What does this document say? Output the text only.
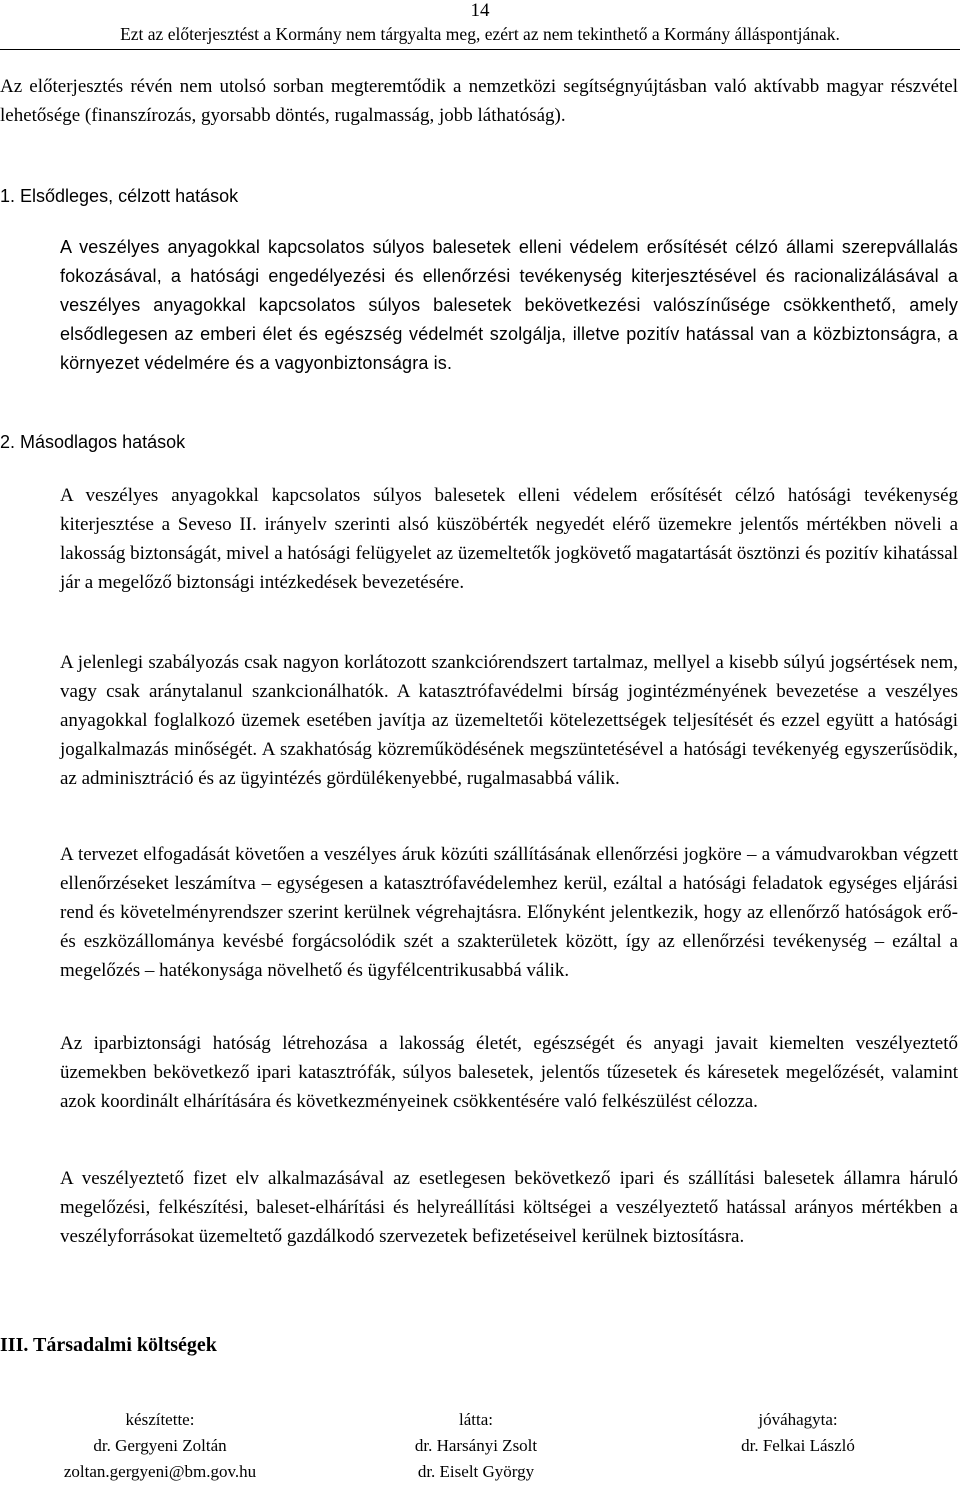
14
Ezt az előterjesztést a Kormány nem tárgyalta meg, ezért az nem tekinthető a Kormány álláspontjának.

Az előterjesztés révén nem utolsó sorban megteremtődik a nemzetközi segítségnyújtásban való aktívabb magyar részvétel lehetősége (finanszírozás, gyorsabb döntés, rugalmasság, jobb láthatóság).

1. Elsődleges, célzott hatások

A veszélyes anyagokkal kapcsolatos súlyos balesetek elleni védelem erősítését célzó állami szerepvállalás fokozásával, a hatósági engedélyezési és ellenőrzési tevékenység kiterjesztésével és racionalizálásával a veszélyes anyagokkal kapcsolatos súlyos balesetek bekövetkezési valószínűsége csökkenthető, amely elsődlegesen az emberi élet és egészség védelmét szolgálja, illetve pozitív hatással van a közbiztonságra, a környezet védelmére és a vagyonbiztonságra is.

2. Másodlagos hatások

A veszélyes anyagokkal kapcsolatos súlyos balesetek elleni védelem erősítését célzó hatósági tevékenység kiterjesztése a Seveso II. irányelv szerinti alsó küszöbérték negyedét elérő üzemekre jelentős mértékben növeli a lakosság biztonságát, mivel a hatósági felügyelet az üzemeltetők jogkövető magatartását ösztönzi és pozitív kihatással jár a megelőző biztonsági intézkedések bevezetésére.

A jelenlegi szabályozás csak nagyon korlátozott szankciórendszert tartalmaz, mellyel a kisebb súlyú jogsértések nem, vagy csak aránytalanul szankcionálhatók. A katasztrófavédelmi bírság jogintézményének bevezetése a veszélyes anyagokkal foglalkozó üzemek esetében javítja az üzemeltetői kötelezettségek teljesítését és ezzel együtt a hatósági jogalkalmazás minőségét. A szakhatóság közreműködésének megszüntetésével a hatósági tevékenyég egyszerűsödik, az adminisztráció és az ügyintézés gördülékenyebbé, rugalmasabbá válik.

A tervezet elfogadását követően a veszélyes áruk közúti szállításának ellenőrzési jogköre – a vámudvarokban végzett ellenőrzéseket leszámítva – egységesen a katasztrófavédelemhez kerül, ezáltal a hatósági feladatok egységes eljárási rend és követelményrendszer szerint kerülnek végrehajtásra. Előnyként jelentkezik, hogy az ellenőrző hatóságok erő- és eszközállománya kevésbé forgácsolódik szét a szakterületek között, így az ellenőrzési tevékenység – ezáltal a megelőzés – hatékonysága növelhető és ügyfélcentrikusabbá válik.

Az iparbiztonsági hatóság létrehozása a lakosság életét, egészségét és anyagi javait kiemelten veszélyeztető üzemekben bekövetkező ipari katasztrófák, súlyos balesetek, jelentős tűzesetek és káresetek megelőzését, valamint azok koordinált elhárítására és következményeinek csökkentésére való felkészülést célozza.

A veszélyeztető fizet elv alkalmazásával az esetlegesen bekövetkező ipari és szállítási balesetek államra háruló megelőzési, felkészítési, baleset-elhárítási és helyreállítási költségei a veszélyeztető hatással arányos mértékben a veszélyforrásokat üzemeltető gazdálkodó szervezetek befizetéseivel kerülnek biztosításra.

III. Társadalmi költségek
készítette:
dr. Gergyeni Zoltán
zoltan.gergyeni@bm.gov.hu
látta:
dr. Harsányi Zsolt
dr. Eiselt György
jóváhagyta:
dr. Felkai László
